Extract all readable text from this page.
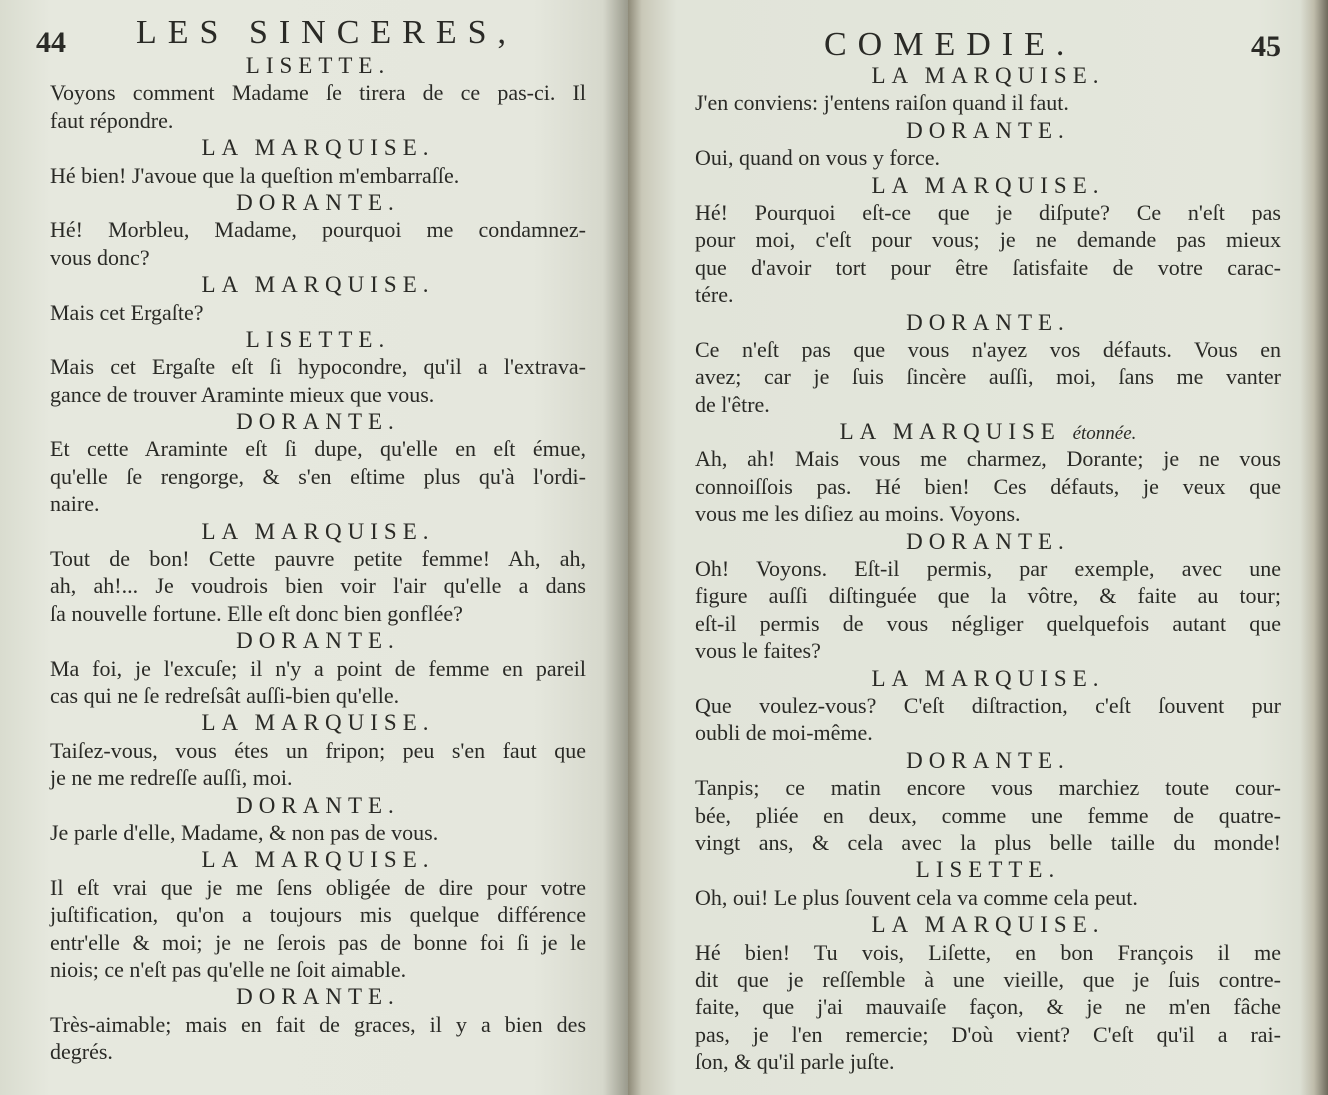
44 LES SINCERES,
LISETTE.
Voyons comment Madame ſe tirera de ce pas-ci. Il
faut répondre.
LA MARQUISE.
Hé bien! J'avoue que la queſtion m'embarraſſe.
DORANTE.
Hé! Morbleu, Madame, pourquoi me condamnez-
vous donc?
LA MARQUISE.
Mais cet Ergaſte?
LISETTE.
Mais cet Ergaſte eſt ſi hypocondre, qu'il a l'extrava-
gance de trouver Araminte mieux que vous.
DORANTE.
Et cette Araminte eſt ſi dupe, qu'elle en eſt émue,
qu'elle ſe rengorge, & s'en eſtime plus qu'à l'ordi-
naire.
LA MARQUISE.
Tout de bon! Cette pauvre petite femme! Ah, ah,
ah, ah!... Je voudrois bien voir l'air qu'elle a dans
ſa nouvelle fortune. Elle eſt donc bien gonflée?
DORANTE.
Ma foi, je l'excuſe; il n'y a point de femme en pareil
cas qui ne ſe redreſsât auſſi-bien qu'elle.
LA MARQUISE.
Taiſez-vous, vous étes un fripon; peu s'en faut que
je ne me redreſſe auſſi, moi.
DORANTE.
Je parle d'elle, Madame, & non pas de vous.
LA MARQUISE.
Il eſt vrai que je me ſens obligée de dire pour votre
juſtification, qu'on a toujours mis quelque différence
entr'elle & moi; je ne ſerois pas de bonne foi ſi je le
niois; ce n'eſt pas qu'elle ne ſoit aimable.
DORANTE.
Très-aimable; mais en fait de graces, il y a bien des
degrés.
COMEDIE.	45
LA MARQUISE.
J'en conviens: j'entens raiſon quand il faut.
DORANTE.
Oui, quand on vous y force.
LA MARQUISE.
Hé! Pourquoi eſt-ce que je diſpute? Ce n'eſt pas
pour moi, c'eſt pour vous; je ne demande pas mieux
que d'avoir tort pour être ſatisfaite de votre carac-
tére.
DORANTE.
Ce n'eſt pas que vous n'ayez vos défauts. Vous en
avez; car je ſuis ſincère auſſi, moi, ſans me vanter
de l'être.
LA MARQUISE étonnée.
Ah, ah! Mais vous me charmez, Dorante; je ne vous
connoiſſois pas. Hé bien! Ces défauts, je veux que
vous me les diſiez au moins. Voyons.
DORANTE.
Oh! Voyons. Eſt-il permis, par exemple, avec une
figure auſſi diſtinguée que la vôtre, & faite au tour;
eſt-il permis de vous négliger quelquefois autant que
vous le faites?
LA MARQUISE.
Que voulez-vous? C'eſt diſtraction, c'eſt ſouvent pur
oubli de moi-même.
DORANTE.
Tanpis; ce matin encore vous marchiez toute cour-
bée, pliée en deux, comme une femme de quatre-
vingt ans, & cela avec la plus belle taille du monde!
LISETTE.
Oh, oui! Le plus ſouvent cela va comme cela peut.
LA MARQUISE.
Hé bien! Tu vois, Liſette, en bon François il me
dit que je reſſemble à une vieille, que je ſuis contre-
faite, que j'ai mauvaiſe façon, & je ne m'en fâche
pas, je l'en remercie; D'où vient? C'eſt qu'il a rai-
ſon, & qu'il parle juſte.
